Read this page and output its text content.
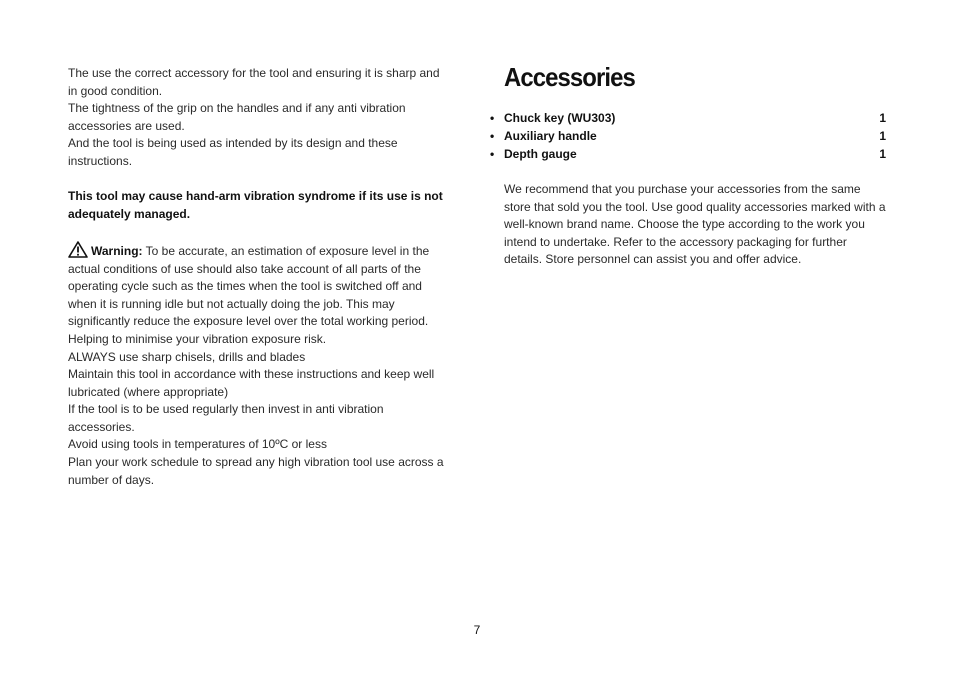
The use the correct accessory for the tool and ensuring it is sharp and in good condition.

The tightness of the grip on the handles and if any anti vibration accessories are used.

And the tool is being used as intended by its design and these instructions.

This tool may cause hand-arm vibration syndrome if its use is not adequately managed.

Warning: To be accurate, an estimation of exposure level in the actual conditions of use should also take account of all parts of the operating cycle such as the times when the tool is switched off and when it is running idle but not actually doing the job. This may significantly reduce the exposure level over the total working period.

Helping to minimise your vibration exposure risk.

ALWAYS use sharp chisels, drills and blades

Maintain this tool in accordance with these instructions and keep well lubricated (where appropriate)

If the tool is to be used regularly then invest in anti vibration accessories.

Avoid using tools in temperatures of 10ºC or less

Plan your work schedule to spread any high vibration tool use across a number of days.

Accessories
• Chuck key (WU303)	1
• Auxiliary handle	1
• Depth gauge	1

We recommend that you purchase your accessories from the same store that sold you the tool. Use good quality accessories marked with a well-known brand name. Choose the type according to the work you intend to undertake. Refer to the accessory packaging for further details. Store personnel can assist you and offer advice.

7
